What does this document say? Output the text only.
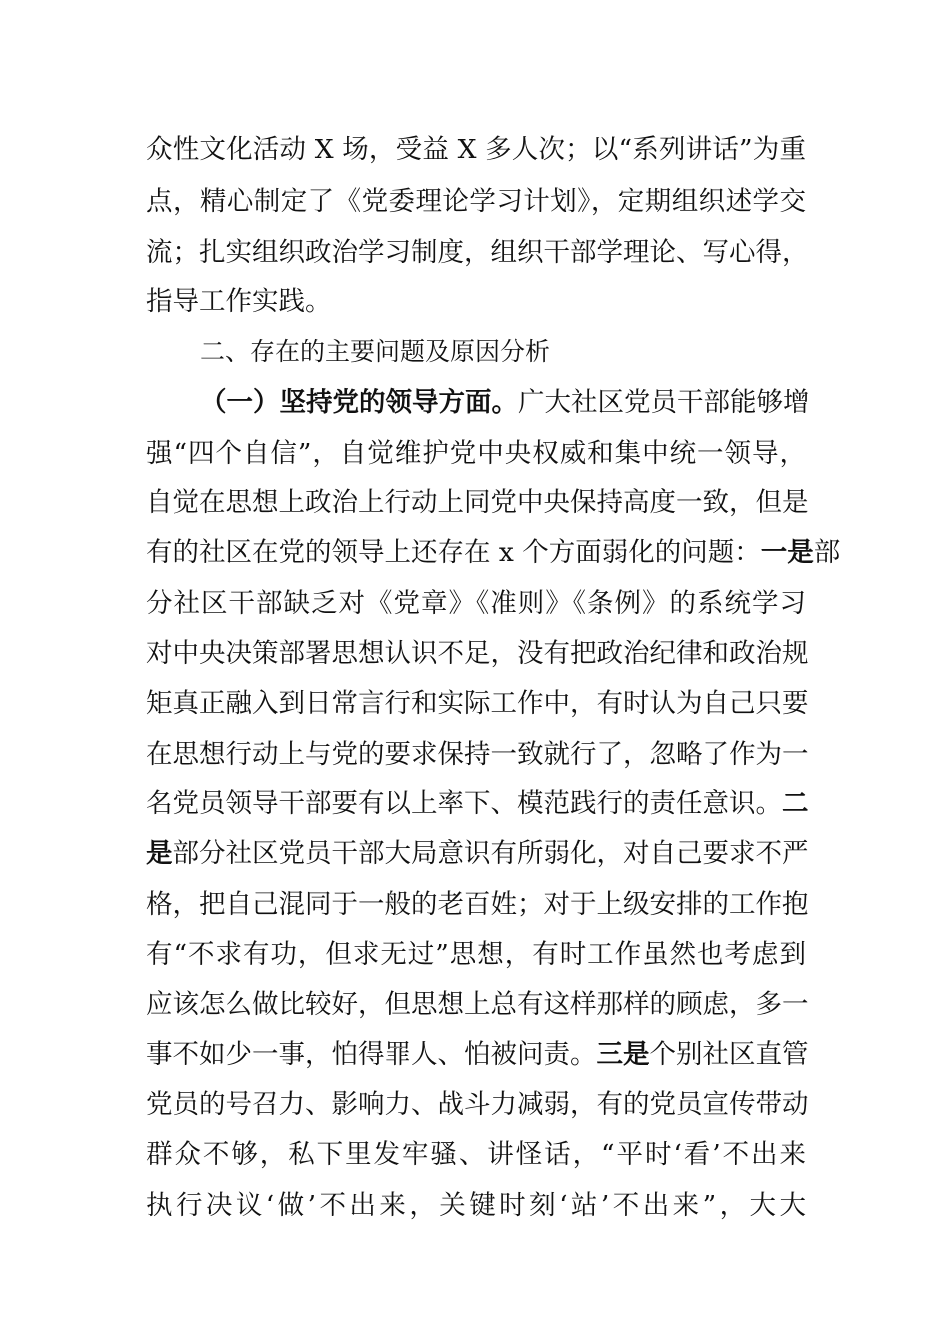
众性文化活动 X 场，受益 X 多人次；以“系列讲话”为重
点，精心制定了《党委理论学习计划》，定期组织述学交
流；扎实组织政治学习制度，组织干部学理论、写心得，
指导工作实践。
二、存在的主要问题及原因分析
（一）坚持党的领导方面。广大社区党员干部能够增
强“四个自信”，自觉维护党中央权威和集中统一领导，
自觉在思想上政治上行动上同党中央保持高度一致，但是
有的社区在党的领导上还存在 x 个方面弱化的问题：一是部
分社区干部缺乏对《党章》《准则》《条例》的系统学习
对中央决策部署思想认识不足，没有把政治纪律和政治规
矩真正融入到日常言行和实际工作中，有时认为自己只要
在思想行动上与党的要求保持一致就行了，忽略了作为一
名党员领导干部要有以上率下、模范践行的责任意识。二
是部分社区党员干部大局意识有所弱化，对自己要求不严
格，把自己混同于一般的老百姓；对于上级安排的工作抱
有“不求有功，但求无过”思想，有时工作虽然也考虑到
应该怎么做比较好，但思想上总有这样那样的顾虑，多一
事不如少一事，怕得罪人、怕被问责。三是个别社区直管
党员的号召力、影响力、战斗力减弱，有的党员宣传带动
群众不够，私下里发牢骚、讲怪话，“平时‘看’不出来
执行决议‘做’不出来，关键时刻‘站’不出来”，大大
